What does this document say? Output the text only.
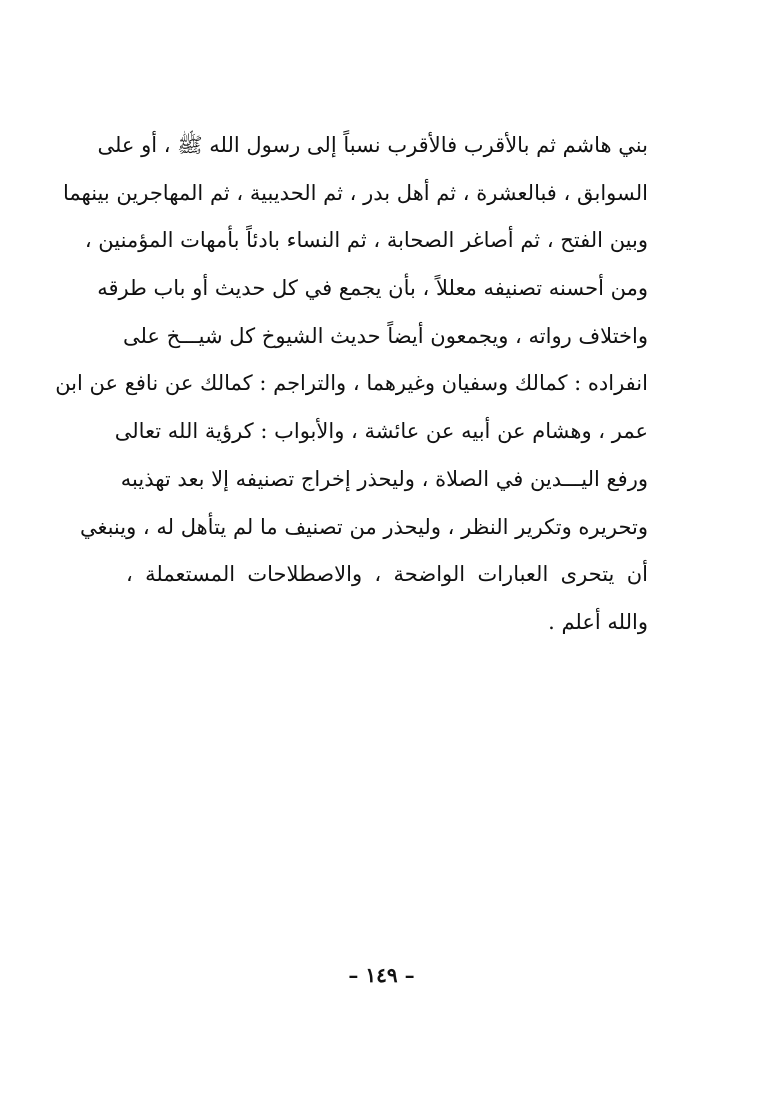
بني هاشم ثم بالأقرب فالأقرب نسباً إلى رسول الله ﷺ ، أو على
السوابق ، فبالعشرة ، ثم أهل بدر ، ثم الحديبية ، ثم المهاجرين بينهما
وبين الفتح ، ثم أصاغر الصحابة ، ثم النساء بادئاً بأمهات المؤمنين ،
ومن أحسنه تصنيفه معللاً ، بأن يجمع في كل حديث أو باب طرقه
واختلاف رواته ، ويجمعون أيضاً حديث الشيوخ كل شيـــخ على
انفراده : كمالك وسفيان وغيرهما ، والتراجم : كمالك عن نافع عن ابن
عمر ، وهشام عن أبيه عن عائشة ، والأبواب : كرؤية الله تعالى
ورفع اليـــدين في الصلاة ، وليحذر إخراج تصنيفه إلا بعد تهذيبه
وتحريره وتكرير النظر ، وليحذر من تصنيف ما لم يتأهل له ، وينبغي
أن يتحرى العبارات الواضحة ، والاصطلاحات المستعملة ،
والله أعلم .
– ١٤٩ –
